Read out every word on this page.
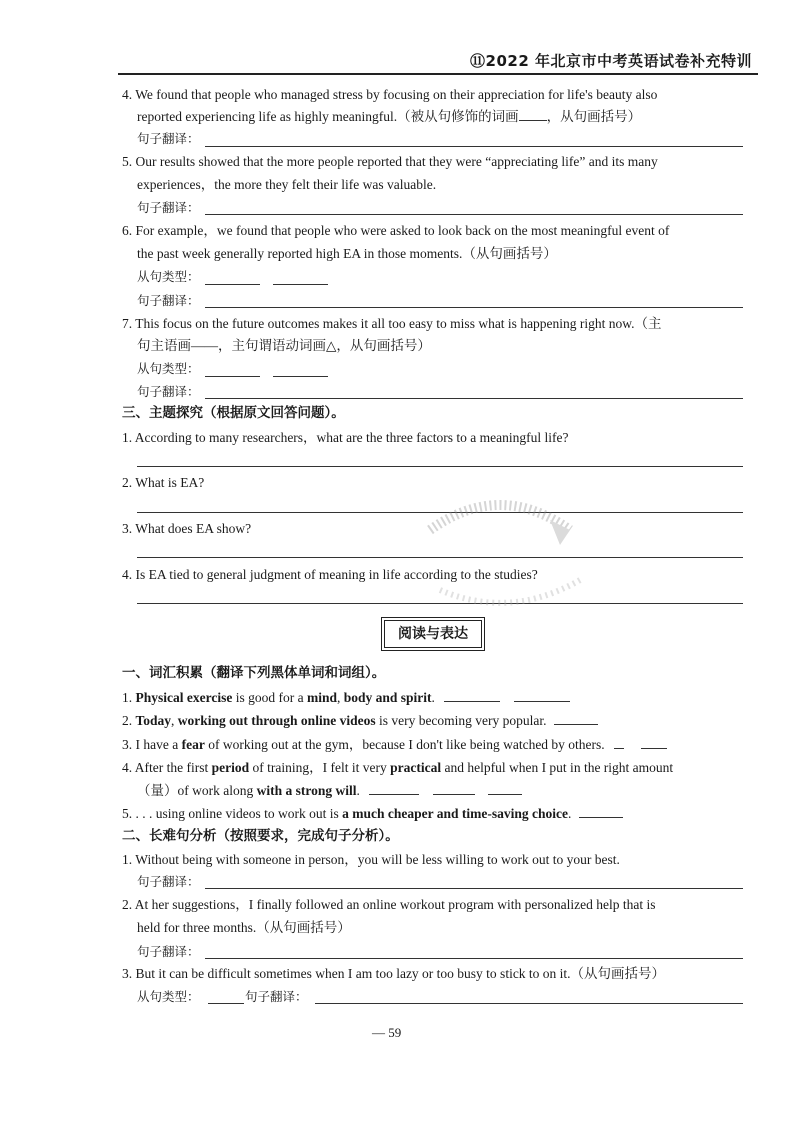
⑪2022 年北京市中考英语试卷补充特训
4. We found that people who managed stress by focusing on their appreciation for life's beauty also
reported experiencing life as highly meaningful.（被从句修饰的词画 ，从句画括号）
句子翻译：
5. Our results showed that the more people reported that they were “appreciating life” and its many
experiences，the more they felt their life was valuable.
句子翻译：
6. For example，we found that people who were asked to look back on the most meaningful event of
the past week generally reported high EA in those moments.（从句画括号）
从句类型：
句子翻译：
7. This focus on the future outcomes makes it all too easy to miss what is happening right now.（主
句主语画——，主句谓语动词画△，从句画括号）
从句类型：
句子翻译：
三、主题探究（根据原文回答问题）。
1. According to many researchers，what are the three factors to a meaningful life?
2. What is EA?
3. What does EA show?
4. Is EA tied to general judgment of meaning in life according to the studies?
阅读与表达
一、词汇积累（翻译下列黑体单词和词组）。
1. Physical exercise is good for a mind, body and spirit.
2. Today, working out through online videos is very becoming very popular.
3. I have a fear of working out at the gym，because I don't like being watched by others.
4. After the first period of training，I felt it very practical and helpful when I put in the right amount
（量）of work along with a strong will.
5. . . . using online videos to work out is a much cheaper and time-saving choice.
二、长难句分析（按照要求，完成句子分析）。
1. Without being with someone in person，you will be less willing to work out to your best.
句子翻译：
2. At her suggestions，I finally followed an online workout program with personalized help that is
held for three months.（从句画括号）
句子翻译：
3. But it can be difficult sometimes when I am too lazy or too busy to stick to on it.（从句画括号）
从句类型：	句子翻译：
— 59
